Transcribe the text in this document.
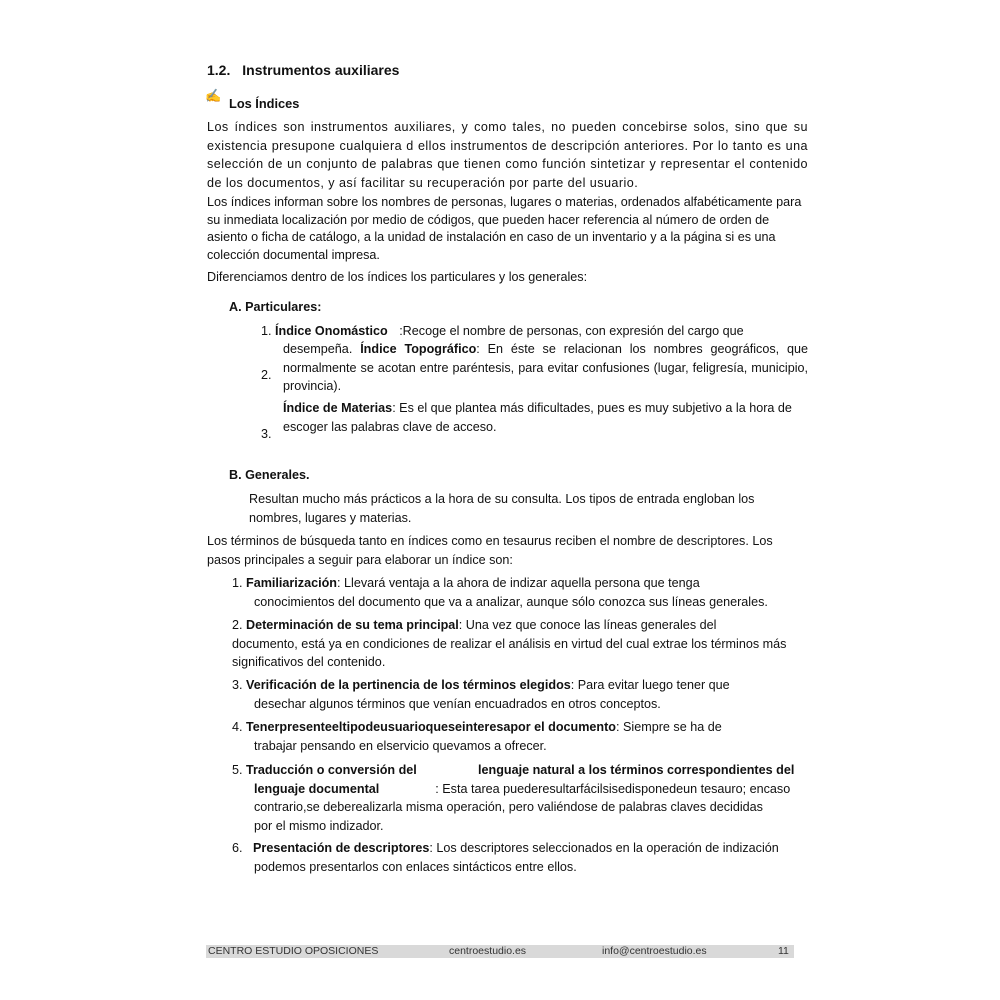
1.2. Instrumentos auxiliares
✍
Los Índices
Los índices son instrumentos auxiliares, y como tales, no pueden concebirse solos, sino que su existencia presupone cualquiera d ellos instrumentos de descripción anteriores. Por lo tanto es una selección de un conjunto de palabras que tienen como función sintetizar y representar el contenido de los documentos, y así facilitar su recuperación por parte del usuario.
Los índices informan sobre los nombres de personas, lugares o materias, ordenados alfabéticamente para su inmediata localización por medio de códigos, que pueden hacer referencia al número de orden de asiento o ficha de catálogo, a la unidad de instalación en caso de un inventario y a la página si es una colección documental impresa.
Diferenciamos dentro de los índices los particulares y los generales:
A. Particulares:
1. Índice Onomástico :Recoge el nombre de personas, con expresión del cargo que
desempeña. Índice Topográfico: En éste se relacionan los nombres geográficos, que normalmente se acotan entre paréntesis, para evitar confusiones (lugar, feligresía, municipio, provincia).
2.
Índice de Materias: Es el que plantea más dificultades, pues es muy subjetivo a la hora de escoger las palabras clave de acceso.
3.
B. Generales.
Resultan mucho más prácticos a la hora de su consulta. Los tipos de entrada engloban los nombres, lugares y materias.
Los términos de búsqueda tanto en índices como en tesaurus reciben el nombre de descriptores. Los pasos principales a seguir para elaborar un índice son:
1. Familiarización: Llevará ventaja a la ahora de indizar aquella persona que tenga
conocimientos del documento que va a analizar, aunque sólo conozca sus líneas generales.
2. Determinación de su tema principal: Una vez que conoce las líneas generales del
documento, está ya en condiciones de realizar el análisis en virtud del cual extrae los términos más significativos del contenido.
3. Verificación de la pertinencia de los términos elegidos: Para evitar luego tener que
desechar algunos términos que venían encuadrados en otros conceptos.
4. Tenerpresenteeltipodeusuarioqueseinteresapor el documento: Siempre se ha de
trabajar pensando en elservicio quevamos a ofrecer.
5. Traducción o conversión del	lenguaje natural a los términos correspondientes del
lenguaje documental	: Esta tarea puederesultarfácilsisedisponedeun tesauro; encaso
contrario,se deberealizarla misma operación, pero valiéndose de palabras claves decididas
por el mismo indizador.
6. Presentación de descriptores: Los descriptores seleccionados en la operación de indización
podemos presentarlos con enlaces sintácticos entre ellos.
CENTRO ESTUDIO OPOSICIONES	centroestudio.es	info@centroestudio.es	11
